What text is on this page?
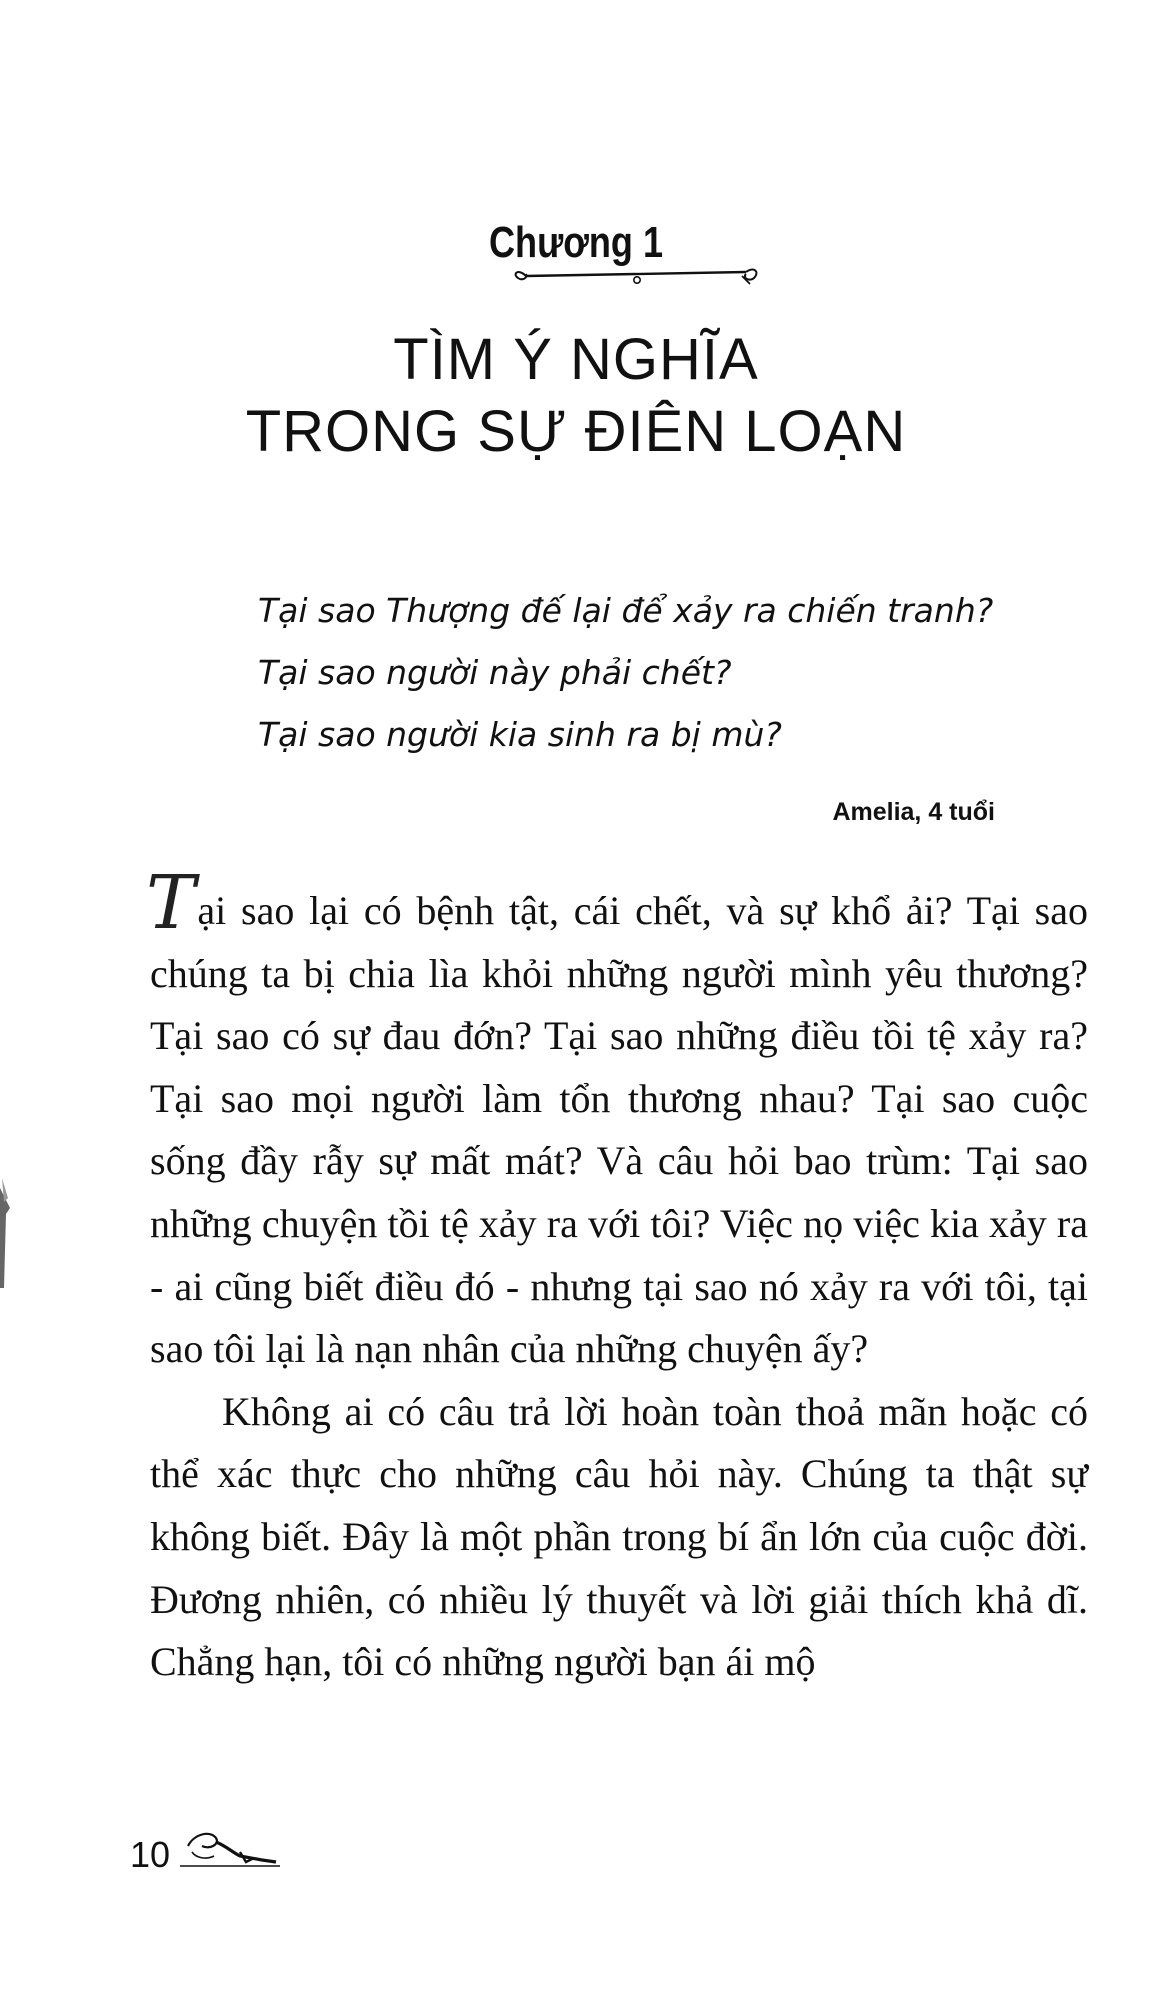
Chương 1
TÌM Ý NGHĨA
TRONG SỰ ĐIÊN LOẠN
Tại sao Thượng đế lại để xảy ra chiến tranh?
Tại sao người này phải chết?
Tại sao người kia sinh ra bị mù?
Amelia, 4 tuổi

Tại sao lại có bệnh tật, cái chết, và sự khổ ải? Tại sao chúng ta bị chia lìa khỏi những người mình yêu thương? Tại sao có sự đau đớn? Tại sao những điều tồi tệ xảy ra? Tại sao mọi người làm tổn thương nhau? Tại sao cuộc sống đầy rẫy sự mất mát? Và câu hỏi bao trùm: Tại sao những chuyện tồi tệ xảy ra với tôi? Việc nọ việc kia xảy ra - ai cũng biết điều đó - nhưng tại sao nó xảy ra với tôi, tại sao tôi lại là nạn nhân của những chuyện ấy?

Không ai có câu trả lời hoàn toàn thoả mãn hoặc có thể xác thực cho những câu hỏi này. Chúng ta thật sự không biết. Đây là một phần trong bí ẩn lớn của cuộc đời. Đương nhiên, có nhiều lý thuyết và lời giải thích khả dĩ. Chẳng hạn, tôi có những người bạn ái mộ

10
